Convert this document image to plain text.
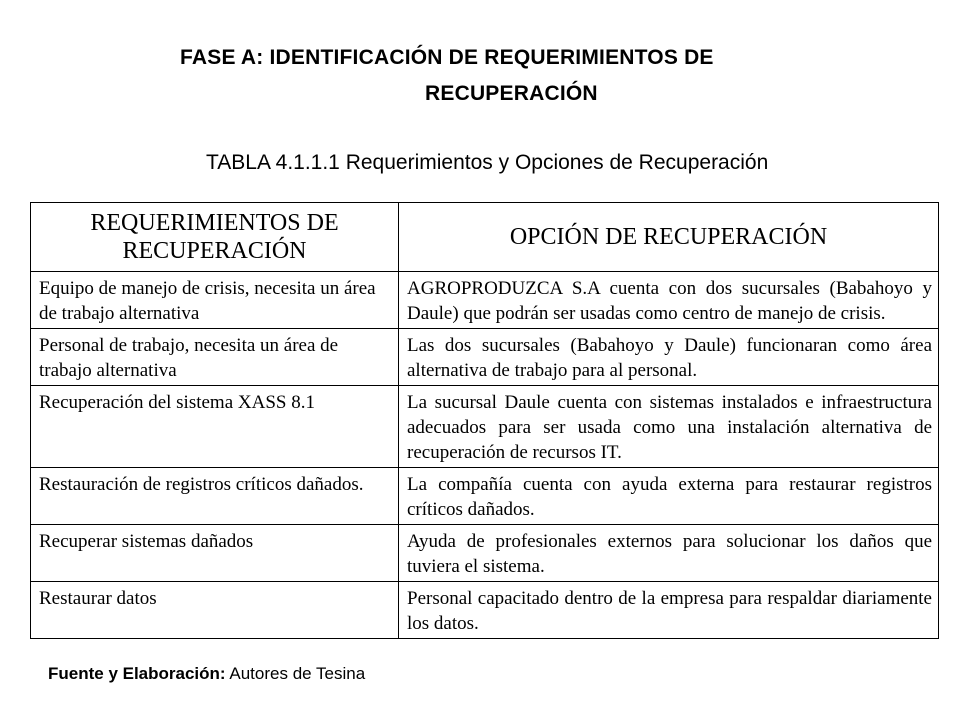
FASE A: IDENTIFICACIÓN DE REQUERIMIENTOS DE
RECUPERACIÓN
TABLA 4.1.1.1 Requerimientos y Opciones de Recuperación
REQUERIMIENTOS DE RECUPERACIÓN	OPCIÓN DE RECUPERACIÓN
Equipo de manejo de crisis, necesita un área de trabajo alternativa	AGROPRODUZCA S.A cuenta con dos sucursales (Babahoyo y Daule) que podrán ser usadas como centro de manejo de crisis.
Personal de trabajo, necesita un área de trabajo alternativa	Las dos sucursales (Babahoyo y Daule) funcionaran como área alternativa de trabajo para al personal.
Recuperación del sistema XASS 8.1	La sucursal Daule cuenta con sistemas instalados e infraestructura adecuados para ser usada como una instalación alternativa de recuperación de recursos IT.
Restauración de registros críticos dañados.	La compañía cuenta con ayuda externa para restaurar registros críticos dañados.
Recuperar sistemas dañados	Ayuda de profesionales externos para solucionar los daños que tuviera el sistema.
Restaurar datos	Personal capacitado dentro de la empresa para respaldar diariamente los datos.
Fuente y Elaboración: Autores de Tesina
